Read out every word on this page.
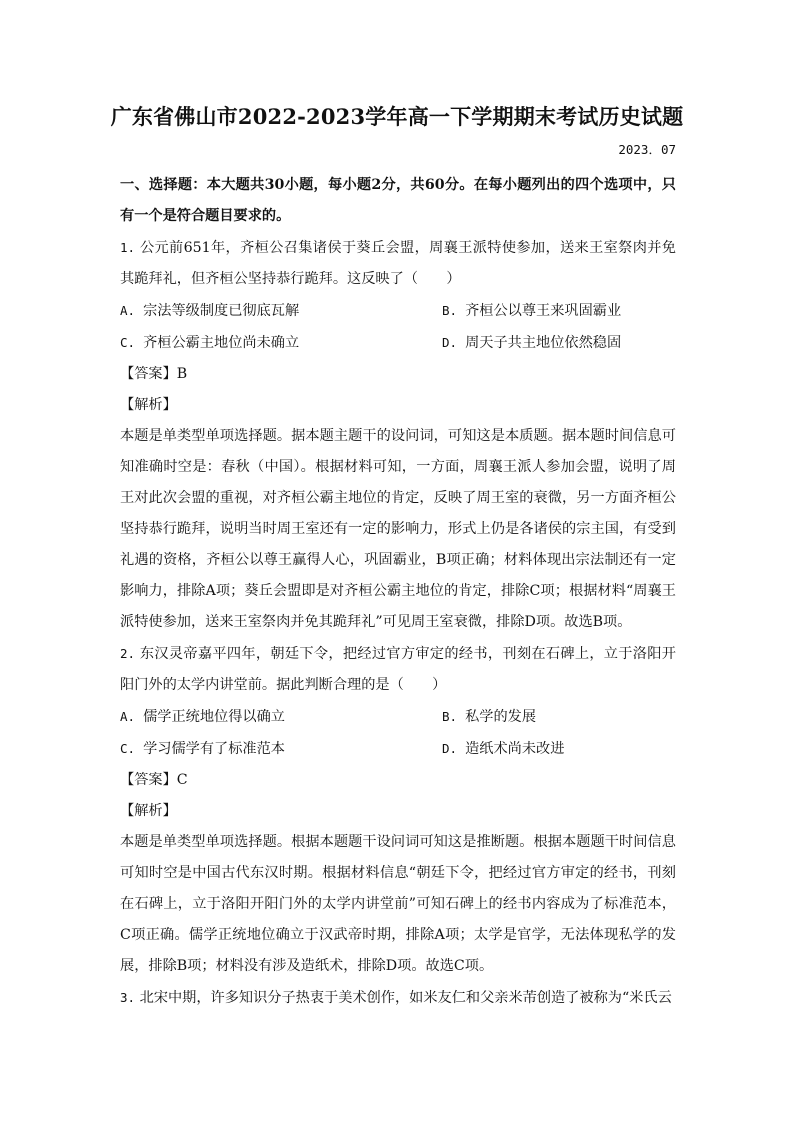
广东省佛山市2022-2023学年高一下学期期末考试历史试题
2023．07

一、选择题：本大题共30小题，每小题2分，共60分。在每小题列出的四个选项中，只有一个是符合题目要求的。

1. 公元前651年，齐桓公召集诸侯于葵丘会盟，周襄王派特使参加，送来王室祭肉并免其跪拜礼，但齐桓公坚持恭行跪拜。这反映了（　　）

A. 宗法等级制度已彻底瓦解	B. 齐桓公以尊王来巩固霸业
C. 齐桓公霸主地位尚未确立	D. 周天子共主地位依然稳固

【答案】B

【解析】

本题是单类型单项选择题。据本题主题干的设问词，可知这是本质题。据本题时间信息可知准确时空是：春秋（中国）。根据材料可知，一方面，周襄王派人参加会盟，说明了周王对此次会盟的重视，对齐桓公霸主地位的肯定，反映了周王室的衰微，另一方面齐桓公坚持恭行跪拜，说明当时周王室还有一定的影响力，形式上仍是各诸侯的宗主国，有受到礼遇的资格，齐桓公以尊王赢得人心，巩固霸业，B项正确；材料体现出宗法制还有一定影响力，排除A项；葵丘会盟即是对齐桓公霸主地位的肯定，排除C项；根据材料“周襄王派特使参加，送来王室祭肉并免其跪拜礼”可见周王室衰微，排除D项。故选B项。

2. 东汉灵帝嘉平四年，朝廷下令，把经过官方审定的经书，刊刻在石碑上，立于洛阳开阳门外的太学内讲堂前。据此判断合理的是（　　）

A. 儒学正统地位得以确立	B. 私学的发展
C. 学习儒学有了标准范本	D. 造纸术尚未改进

【答案】C

【解析】

本题是单类型单项选择题。根据本题题干设问词可知这是推断题。根据本题题干时间信息可知时空是中国古代东汉时期。根据材料信息“朝廷下令，把经过官方审定的经书，刊刻在石碑上，立于洛阳开阳门外的太学内讲堂前”可知石碑上的经书内容成为了标准范本，C项正确。儒学正统地位确立于汉武帝时期，排除A项；太学是官学，无法体现私学的发展，排除B项；材料没有涉及造纸术，排除D项。故选C项。

3. 北宋中期，许多知识分子热衷于美术创作，如米友仁和父亲米芾创造了被称为“米氏云
